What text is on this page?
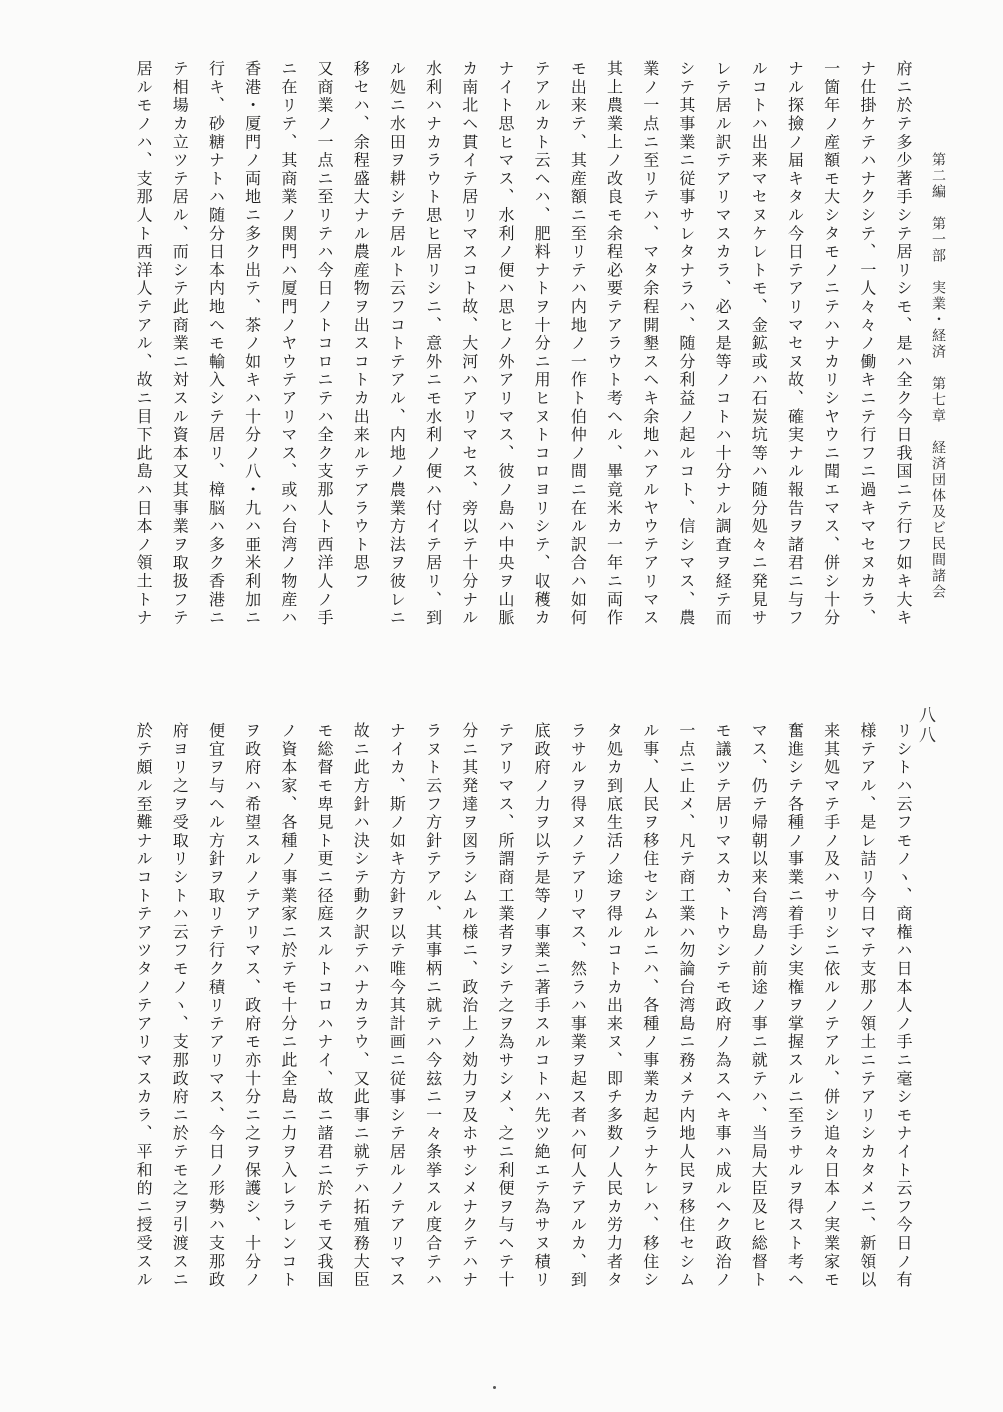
第二編　第一部　実業・経済　第七章　経済団体及ビ民間諸会
八八
府ニ於テ多少著手シテ居リシモ、是ハ全ク今日我国ニテ行フ如キ大キ
ナ仕掛ケテハナクシテ、一人々々ノ働キニテ行フニ過キマセヌカラ、
一箇年ノ産額モ大シタモノニテハナカリシヤウニ聞エマス、併シ十分
ナル探撿ノ届キタル今日テアリマセヌ故、確実ナル報告ヲ諸君ニ与フ
ルコトハ出来マセヌケレトモ、金鉱或ハ石炭坑等ハ随分処々ニ発見サ
レテ居ル訳テアリマスカラ、必ス是等ノコトハ十分ナル調査ヲ経テ而
シテ其事業ニ従事サレタナラハ、随分利益ノ起ルコト、信シマス、農
業ノ一点ニ至リテハ、マタ余程開墾スヘキ余地ハアルヤウテアリマス
其上農業上ノ改良モ余程必要テアラウト考ヘル、畢竟米カ一年ニ両作
モ出来テ、其産額ニ至リテハ内地ノ一作ト伯仲ノ間ニ在ル訳合ハ如何
テアルカト云ヘハ、肥料ナトヲ十分ニ用ヒヌトコロヨリシテ、収穫カ
ナイト思ヒマス、水利ノ便ハ思ヒノ外アリマス、彼ノ島ハ中央ヲ山脈
カ南北ヘ貫イテ居リマスコト故、大河ハアリマセス、旁以テ十分ナル
水利ハナカラウト思ヒ居リシニ、意外ニモ水利ノ便ハ付イテ居リ、到
ル処ニ水田ヲ耕シテ居ルト云フコトテアル、内地ノ農業方法ヲ彼レニ
移セハ、余程盛大ナル農産物ヲ出スコトカ出来ルテアラウト思フ
又商業ノ一点ニ至リテハ今日ノトコロニテハ全ク支那人ト西洋人ノ手
ニ在リテ、其商業ノ関門ハ厦門ノヤウテアリマス、或ハ台湾ノ物産ハ
香港・厦門ノ両地ニ多ク出テ、茶ノ如キハ十分ノ八・九ハ亜米利加ニ
行キ、砂糖ナトハ随分日本内地ヘモ輸入シテ居リ、樟脳ハ多ク香港ニ
テ相場カ立ツテ居ル、而シテ此商業ニ対スル資本又其事業ヲ取扱フテ
居ルモノハ、支那人ト西洋人テアル、故ニ目下此島ハ日本ノ領土トナ
リシトハ云フモノヽ、商権ハ日本人ノ手ニ毫シモナイト云フ今日ノ有
様テアル、是レ詰リ今日マテ支那ノ領土ニテアリシカタメニ、新領以
来其処マテ手ノ及ハサリシニ依ルノテアル、併シ追々日本ノ実業家モ
奮進シテ各種ノ事業ニ着手シ実権ヲ掌握スルニ至ラサルヲ得スト考ヘ
マス、仍テ帰朝以来台湾島ノ前途ノ事ニ就テハ、当局大臣及ヒ総督ト
モ議ツテ居リマスカ、トウシテモ政府ノ為スヘキ事ハ成ルヘク政治ノ
一点ニ止メ、凡テ商工業ハ勿論台湾島ニ務メテ内地人民ヲ移住セシム
ル事、人民ヲ移住セシムルニハ、各種ノ事業カ起ラナケレハ、移住シ
タ処カ到底生活ノ途ヲ得ルコトカ出来ヌ、即チ多数ノ人民カ労力者タ
ラサルヲ得ヌノテアリマス、然ラハ事業ヲ起ス者ハ何人テアルカ、到
底政府ノ力ヲ以テ是等ノ事業ニ著手スルコトハ先ツ絶エテ為サヌ積リ
テアリマス、所謂商工業者ヲシテ之ヲ為サシメ、之ニ利便ヲ与ヘテ十
分ニ其発達ヲ図ラシムル様ニ、政治上ノ効力ヲ及ホサシメナクテハナ
ラヌト云フ方針テアル、其事柄ニ就テハ今玆ニ一々条挙スル度合テハ
ナイカ、斯ノ如キ方針ヲ以テ唯今其計画ニ従事シテ居ルノテアリマス
故ニ此方針ハ決シテ動ク訳テハナカラウ、又此事ニ就テハ拓殖務大臣
モ総督モ卑見ト更ニ径庭スルトコロハナイ、故ニ諸君ニ於テモ又我国
ノ資本家、各種ノ事業家ニ於テモ十分ニ此全島ニ力ヲ入レラレンコト
ヲ政府ハ希望スルノテアリマス、政府モ亦十分ニ之ヲ保護シ、十分ノ
便宜ヲ与ヘル方針ヲ取リテ行ク積リテアリマス、今日ノ形勢ハ支那政
府ヨリ之ヲ受取リシトハ云フモノヽ、支那政府ニ於テモ之ヲ引渡スニ
於テ頗ル至難ナルコトテアツタノテアリマスカラ、平和的ニ授受スル
